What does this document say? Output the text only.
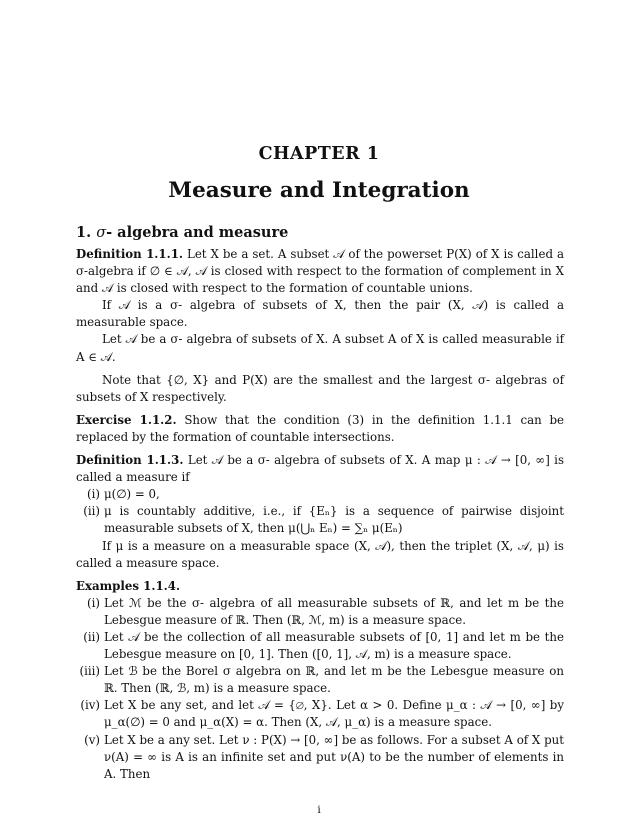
CHAPTER 1
Measure and Integration
1. σ- algebra and measure

Definition 1.1.1. Let X be a set. A subset 𝒜 of the powerset P(X) of X is called a σ-algebra if ∅ ∈ 𝒜, 𝒜 is closed with respect to the formation of complement in X and 𝒜 is closed with respect to the formation of countable unions.

If 𝒜 is a σ- algebra of subsets of X, then the pair (X, 𝒜) is called a measurable space.

Let 𝒜 be a σ- algebra of subsets of X. A subset A of X is called measurable if A ∈ 𝒜.

Note that {∅, X} and P(X) are the smallest and the largest σ- algebras of subsets of X respectively.

Exercise 1.1.2. Show that the condition (3) in the definition 1.1.1 can be replaced by the formation of countable intersections.

Definition 1.1.3. Let 𝒜 be a σ- algebra of subsets of X. A map μ : 𝒜 → [0, ∞] is called a measure if

(i) μ(∅) = 0,
(ii) μ is countably additive, i.e., if {Eₙ} is a sequence of pairwise disjoint measurable subsets of X, then μ(⋃ₙ Eₙ) = ∑ₙ μ(Eₙ)

If μ is a measure on a measurable space (X, 𝒜), then the triplet (X, 𝒜, μ) is called a measure space.

Examples 1.1.4.

(i) Let ℳ be the σ- algebra of all measurable subsets of ℝ, and let m be the Lebesgue measure of ℝ. Then (ℝ, ℳ, m) is a measure space.
(ii) Let 𝒜 be the collection of all measurable subsets of [0, 1] and let m be the Lebesgue measure on [0, 1]. Then ([0, 1], 𝒜, m) is a measure space.
(iii) Let ℬ be the Borel σ algebra on ℝ, and let m be the Lebesgue measure on ℝ. Then (ℝ, ℬ, m) is a measure space.
(iv) Let X be any set, and let 𝒜 = {∅, X}. Let α > 0. Define μ_α : 𝒜 → [0, ∞] by μ_α(∅) = 0 and μ_α(X) = α. Then (X, 𝒜, μ_α) is a measure space.
(v) Let X be a any set. Let ν : P(X) → [0, ∞] be as follows. For a subset A of X put ν(A) = ∞ is A is an infinite set and put ν(A) to be the number of elements in A. Then
i
